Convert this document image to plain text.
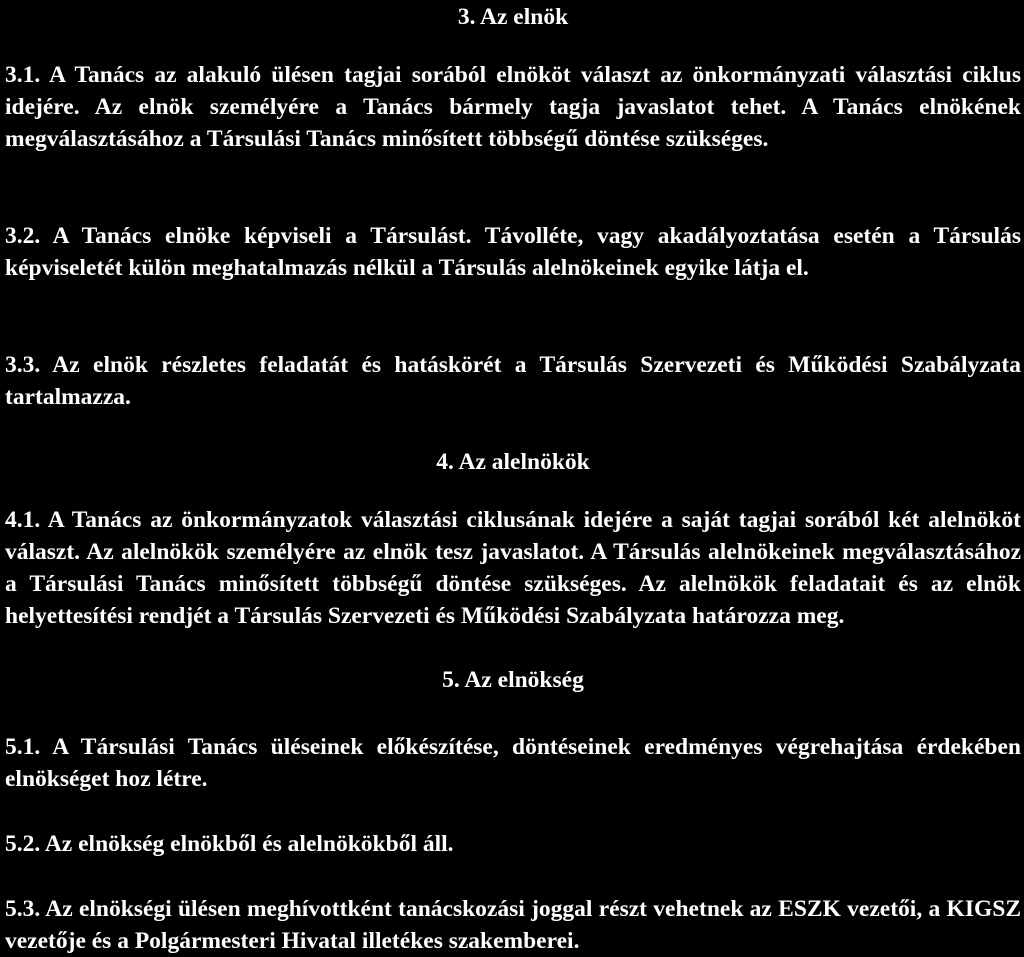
3. Az elnök

3.1. A Tanács az alakuló ülésen tagjai sorából elnököt választ az önkormányzati választási ciklus idejére. Az elnök személyére a Tanács bármely tagja javaslatot tehet. A Tanács elnökének megválasztásához a Társulási Tanács minősített többségű döntése szükséges.

3.2. A Tanács elnöke képviseli a Társulást. Távolléte, vagy akadályoztatása esetén a Társulás képviseletét külön meghatalmazás nélkül a Társulás alelnökeinek egyike látja el.

3.3. Az elnök részletes feladatát és hatáskörét a Társulás Szervezeti és Működési Szabályzata tartalmazza.

4. Az alelnökök

4.1. A Tanács az önkormányzatok választási ciklusának idejére a saját tagjai sorából két alelnököt választ. Az alelnökök személyére az elnök tesz javaslatot. A Társulás alelnökeinek megválasztásához a Társulási Tanács minősített többségű döntése szükséges. Az alelnökök feladatait és az elnök helyettesítési rendjét a Társulás Szervezeti és Működési Szabályzata határozza meg.

5. Az elnökség

5.1. A Társulási Tanács üléseinek előkészítése, döntéseinek eredményes végrehajtása érdekében elnökséget hoz létre.

5.2. Az elnökség elnökből és alelnökökből áll.

5.3. Az elnökségi ülésen meghívottként tanácskozási joggal részt vehetnek az ESZK vezetői, a KIGSZ vezetője és a Polgármesteri Hivatal illetékes szakemberei.
